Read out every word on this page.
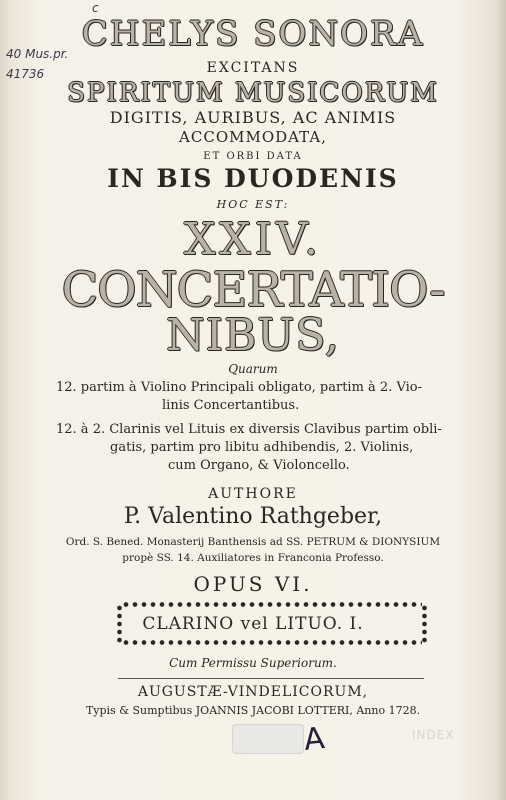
c
40 Mus.pr.
41736
CHELYS SONORA
EXCITANS
SPIRITUM MUSICORUM
DIGITIS, AURIBUS, AC ANIMIS
ACCOMMODATA,
ET ORBI DATA
IN BIS DUODENIS
HOC EST:
XXIV.
CONCERTATIO-
NIBUS,
Quarum
12. partim à Violino Principali obligato, partim à 2. Vio-
linis Concertantibus.
12. à 2. Clarinis vel Lituis ex diversis Clavibus partim obli-
gatis, partim pro libitu adhibendis, 2. Violinis,
cum Organo, & Violoncello.
AUTHORE
P. Valentino Rathgeber,
Ord. S. Bened. Monasterij Banthensis ad SS. PETRUM & DIONYSIUM
propè SS. 14. Auxiliatores in Franconia Professo.
OPUS VI.
CLARINO vel LITUO. I.
Cum Permissu Superiorum.
AUGUSTÆ-VINDELICORUM,
Typis & Sumptibus JOANNIS JACOBI LOTTERI, Anno 1728.
A	INDEX
